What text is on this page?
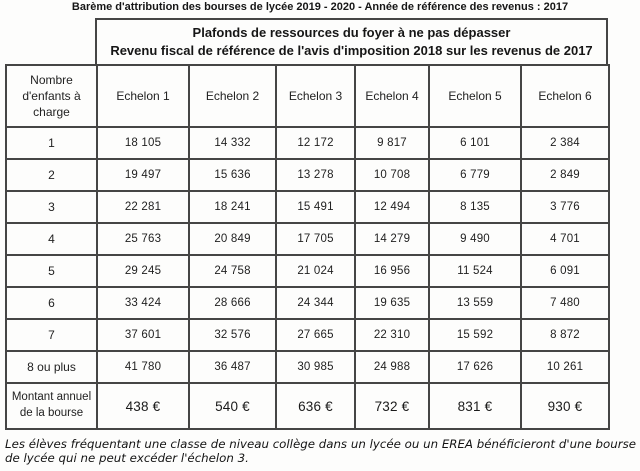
Barème d'attribution des bourses de lycée 2019 - 2020 - Année de référence des revenus : 2017
Plafonds de ressources du foyer à ne pas dépasser
Revenu fiscal de référence de l'avis d'imposition 2018 sur les revenus de 2017
Nombre d'enfants à charge	Echelon 1	Echelon 2	Echelon 3	Echelon 4	Echelon 5	Echelon 6
1	18 105	14 332	12 172	9 817	6 101	2 384
2	19 497	15 636	13 278	10 708	6 779	2 849
3	22 281	18 241	15 491	12 494	8 135	3 776
4	25 763	20 849	17 705	14 279	9 490	4 701
5	29 245	24 758	21 024	16 956	11 524	6 091
6	33 424	28 666	24 344	19 635	13 559	7 480
7	37 601	32 576	27 665	22 310	15 592	8 872
8 ou plus	41 780	36 487	30 985	24 988	17 626	10 261

Montant annuel
de la bourse	438 €	540 €	636 €	732 €	831 €	930 €
Les élèves fréquentant une classe de niveau collège dans un lycée ou un EREA bénéficieront d'une bourse de lycée qui ne peut excéder l'échelon 3.
